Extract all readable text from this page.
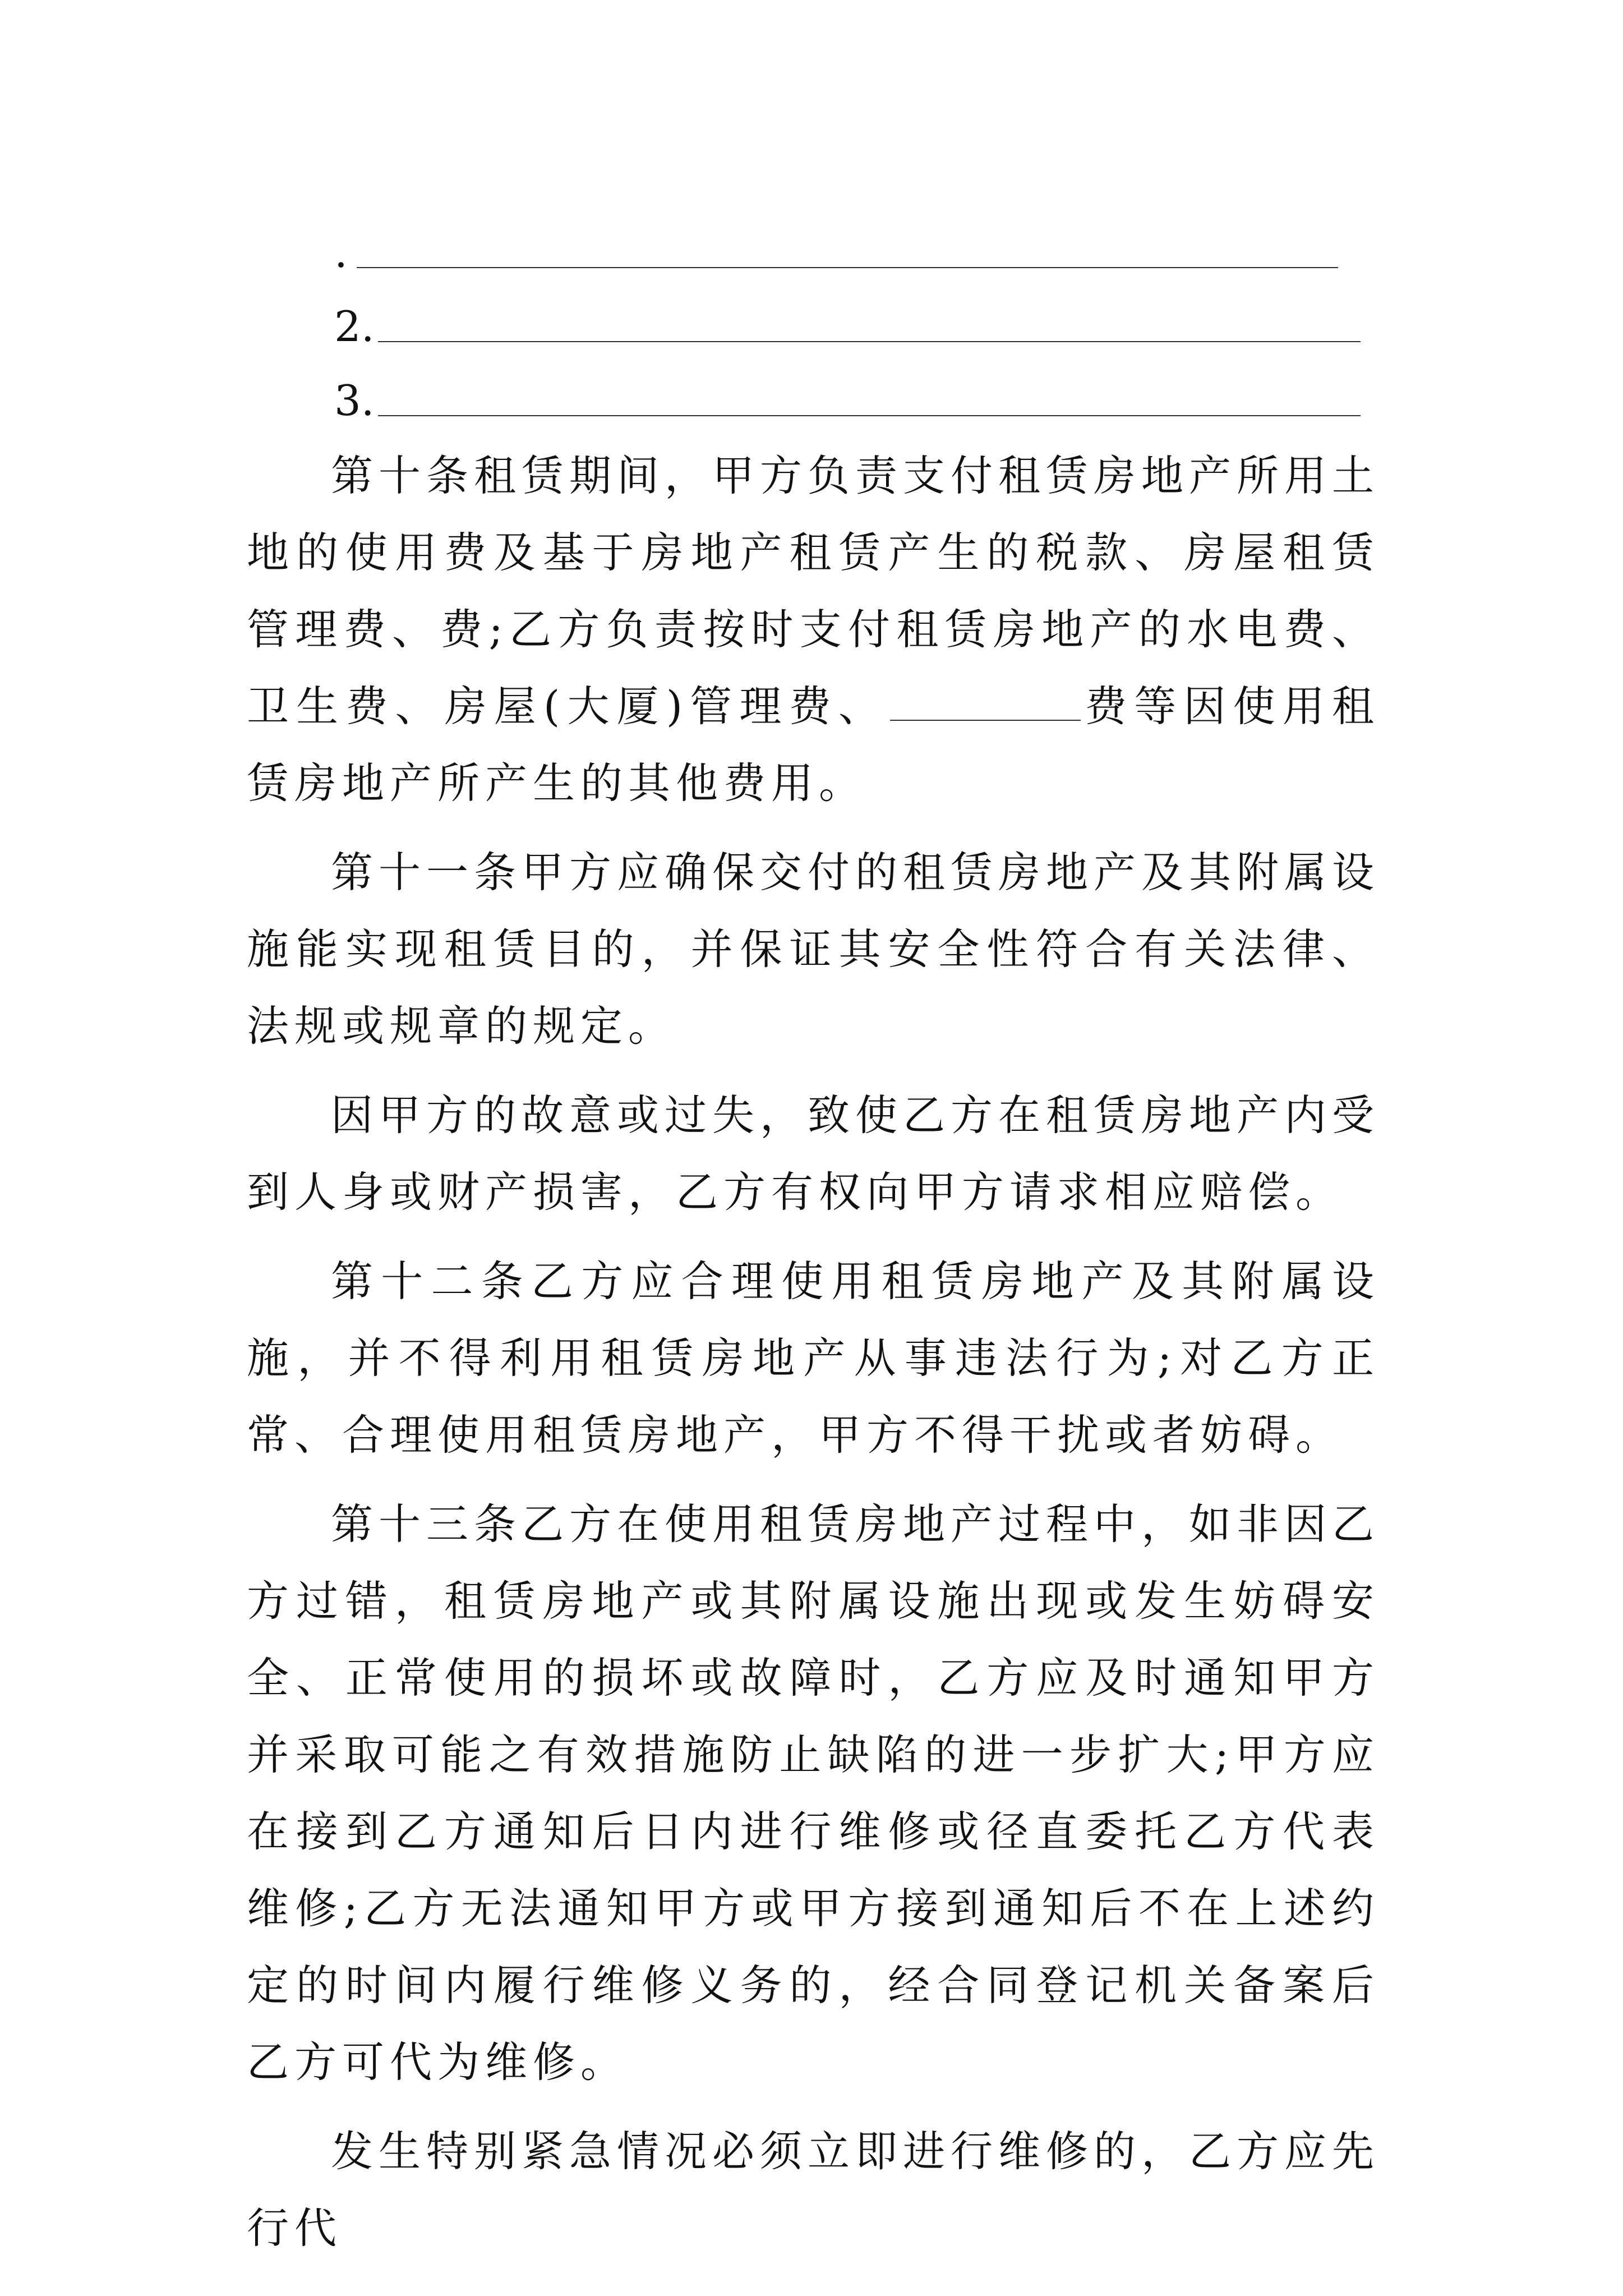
.
2.
3.

第十条租赁期间，甲方负责支付租赁房地产所用土地的使用费及基于房地产租赁产生的税款、房屋租赁管理费、费;乙方负责按时支付租赁房地产的水电费、卫生费、房屋(大厦)管理费、	费等因使用租赁房地产所产生的其他费用。

第十一条甲方应确保交付的租赁房地产及其附属设施能实现租赁目的，并保证其安全性符合有关法律、法规或规章的规定。

因甲方的故意或过失，致使乙方在租赁房地产内受到人身或财产损害，乙方有权向甲方请求相应赔偿。

第十二条乙方应合理使用租赁房地产及其附属设施，并不得利用租赁房地产从事违法行为;对乙方正常、合理使用租赁房地产，甲方不得干扰或者妨碍。

第十三条乙方在使用租赁房地产过程中，如非因乙方过错，租赁房地产或其附属设施出现或发生妨碍安全、正常使用的损坏或故障时，乙方应及时通知甲方并采取可能之有效措施防止缺陷的进一步扩大;甲方应在接到乙方通知后日内进行维修或径直委托乙方代表维修;乙方无法通知甲方或甲方接到通知后不在上述约定的时间内履行维修义务的，经合同登记机关备案后乙方可代为维修。

发生特别紧急情况必须立即进行维修的，乙方应先行代
